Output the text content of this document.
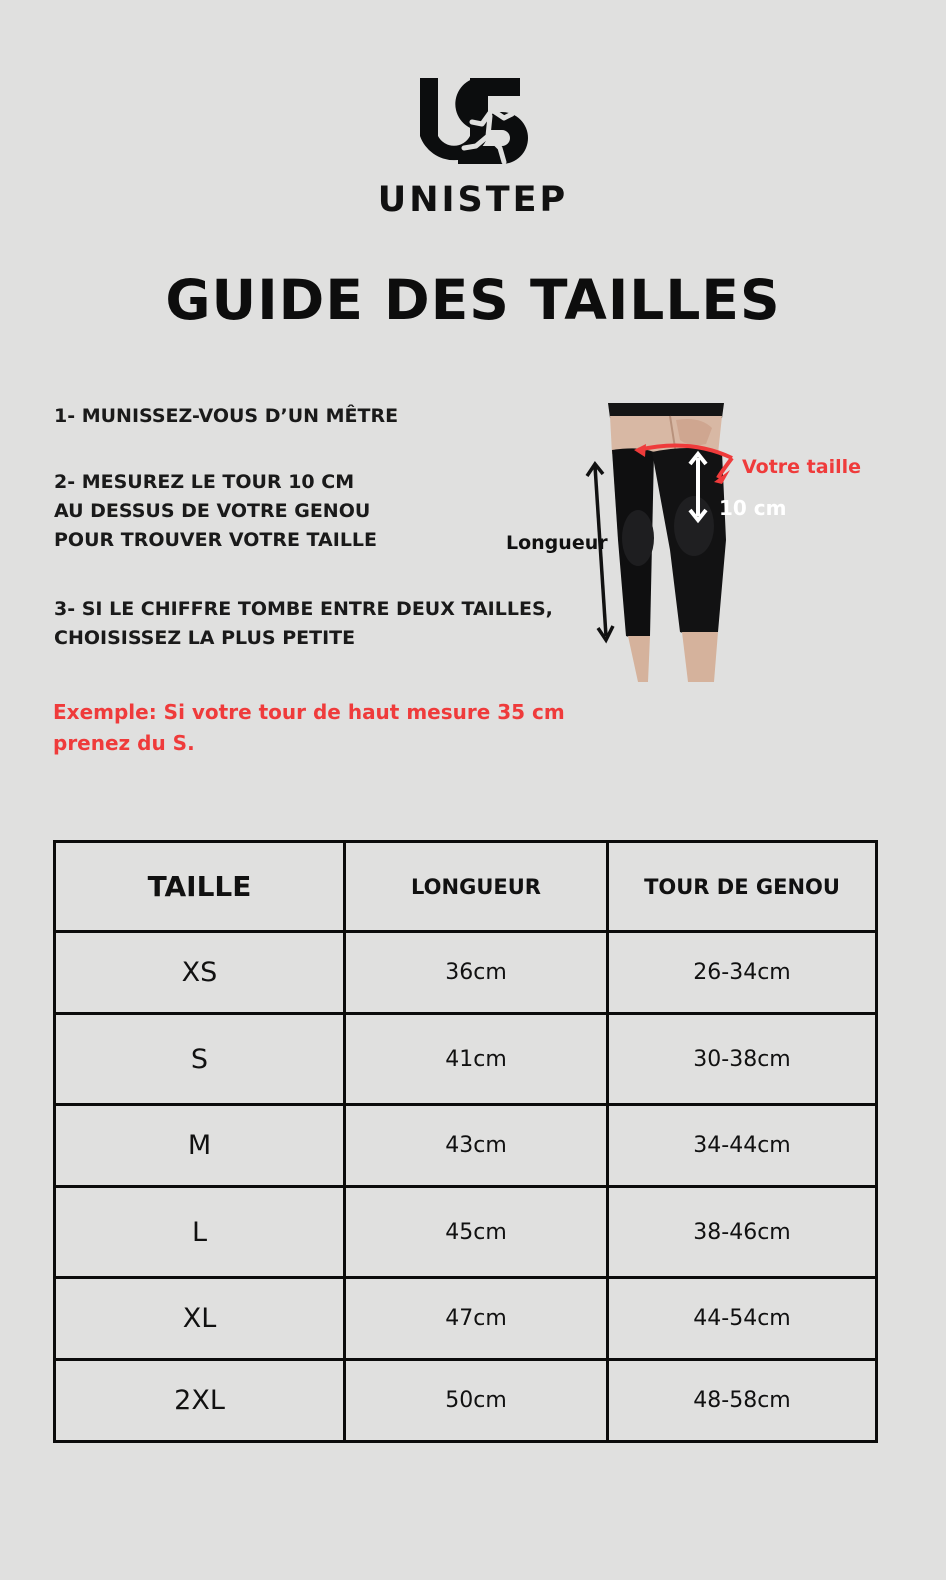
UNISTEP
GUIDE DES TAILLES

1- MUNISSEZ-VOUS D’UN MÊTRE

2- MESUREZ LE TOUR 10 CM
AU DESSUS DE VOTRE GENOU
POUR TROUVER VOTRE TAILLE
3- SI LE CHIFFRE TOMBE ENTRE DEUX TAILLES,
CHOISISSEZ LA PLUS PETITE
Exemple: Si votre tour de haut mesure 35 cm
prenez du S.
Longueur
Votre taille
10 cm
TAILLE	LONGUEUR	TOUR DE GENOU
XS	36cm	26-34cm
S	41cm	30-38cm
M	43cm	34-44cm
L	45cm	38-46cm
XL	47cm	44-54cm
2XL	50cm	48-58cm
